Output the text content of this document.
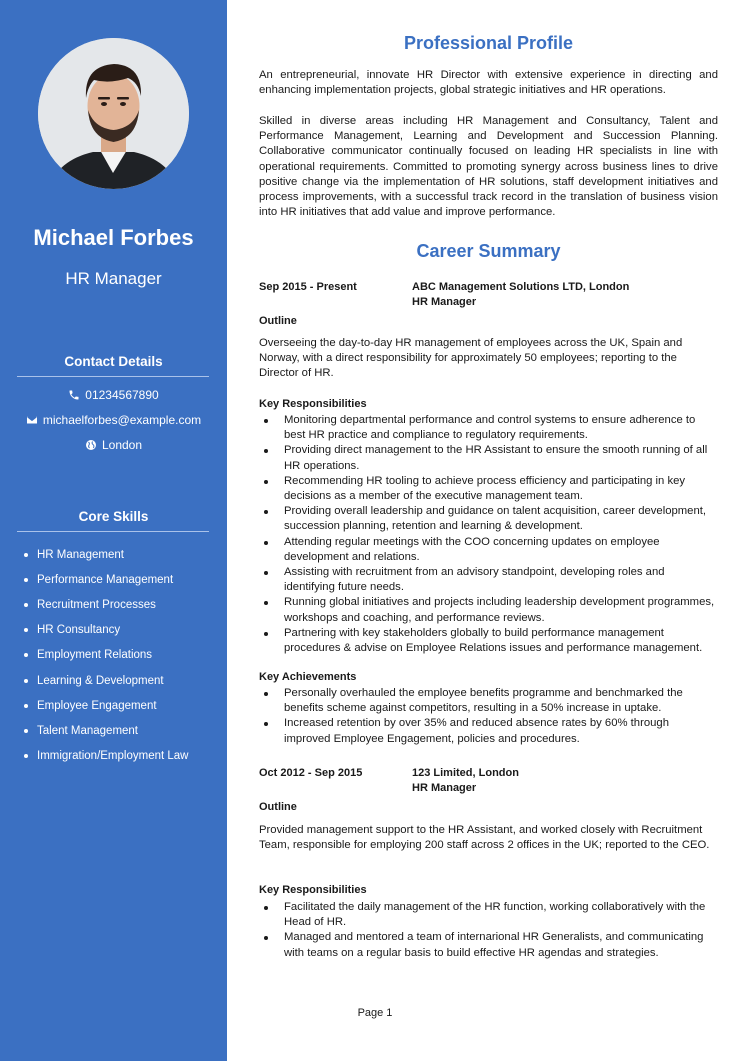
Michael Forbes
HR Manager
Contact Details
01234567890
michaelforbes@example.com
London
Core Skills
HR Management
Performance Management
Recruitment Processes
HR Consultancy
Employment Relations
Learning & Development
Employee Engagement
Talent Management
Immigration/Employment Law
Professional Profile
An entrepreneurial, innovate HR Director with extensive experience in directing and enhancing implementation projects, global strategic initiatives and HR operations.
Skilled in diverse areas including HR Management and Consultancy, Talent and Performance Management, Learning and Development and Succession Planning. Collaborative communicator continually focused on leading HR specialists in line with operational requirements. Committed to promoting synergy across business lines to drive positive change via the implementation of HR solutions, staff development initiatives and process improvements, with a successful track record in the translation of business vision into HR initiatives that add value and improve performance.
Career Summary
Sep 2015 - Present	ABC Management Solutions LTD, London
HR Manager
Outline
Overseeing the day-to-day HR management of employees across the UK, Spain and Norway, with a direct responsibility for approximately 50 employees; reporting to the Director of HR.
Key Responsibilities
Monitoring departmental performance and control systems to ensure adherence to best HR practice and compliance to regulatory requirements.
Providing direct management to the HR Assistant to ensure the smooth running of all HR operations.
Recommending HR tooling to achieve process efficiency and participating in key decisions as a member of the executive management team.
Providing overall leadership and guidance on talent acquisition, career development, succession planning, retention and learning & development.
Attending regular meetings with the COO concerning updates on employee development and relations.
Assisting with recruitment from an advisory standpoint, developing roles and identifying future needs.
Running global initiatives and projects including leadership development programmes, workshops and coaching, and performance reviews.
Partnering with key stakeholders globally to build performance management procedures & advise on Employee Relations issues and performance management.
Key Achievements
Personally overhauled the employee benefits programme and benchmarked the benefits scheme against competitors, resulting in a 50% increase in uptake.
Increased retention by over 35% and reduced absence rates by 60% through improved Employee Engagement, policies and procedures.
Oct 2012 - Sep 2015	123 Limited, London
HR Manager
Outline
Provided management support to the HR Assistant, and worked closely with Recruitment Team, responsible for employing 200 staff across 2 offices in the UK; reported to the CEO.
Key Responsibilities
Facilitated the daily management of the HR function, working collaboratively with the Head of HR.
Managed and mentored a team of internarional HR Generalists, and communicating with teams on a regular basis to build effective HR agendas and strategies.
Page 1
